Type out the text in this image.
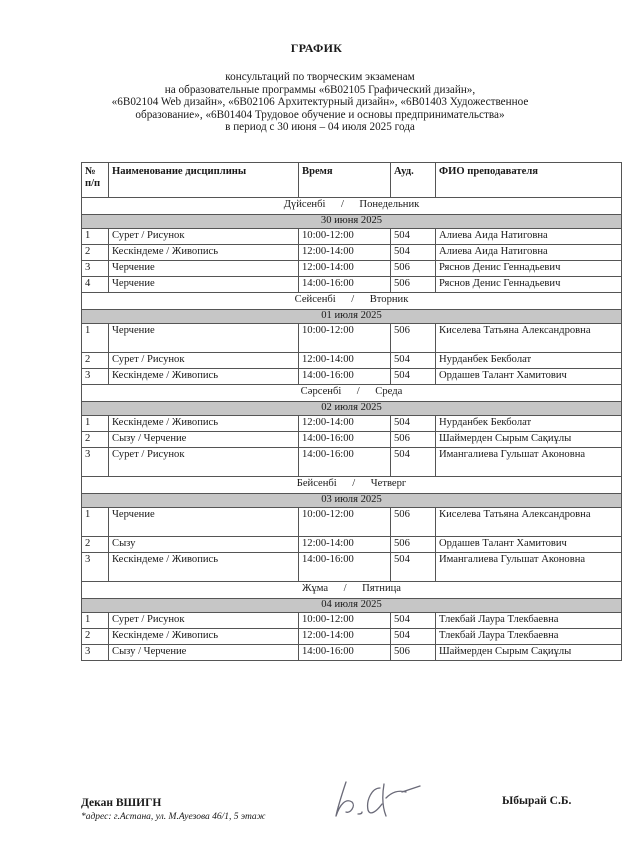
ГРАФИК
консультаций по творческим экзаменам
на образовательные программы «6B02105 Графический дизайн»,
«6B02104 Web дизайн», «6B02106 Архитектурный дизайн», «6B01403 Художественное
образование», «6B01404 Трудовое обучение и основы предпринимательства»
в период с 30 июня – 04 июля 2025 года
№ п/п	Наименование дисциплины	Время	Ауд.	ФИО преподавателя
Дүйсенбі / Понедельник				
30 июня 2025				
1	Сурет / Рисунок	10:00-12:00	504	Алиева Аида Натиговна
2	Кескіндеме / Живопись	12:00-14:00	504	Алиева Аида Натиговна
3	Черчение	12:00-14:00	506	Ряснов Денис Геннадьевич
4	Черчение	14:00-16:00	506	Ряснов Денис Геннадьевич
Сейсенбі / Вторник				
01 июля 2025				
1	Черчение	10:00-12:00	506	Киселева Татьяна Александровна
2	Сурет / Рисунок	12:00-14:00	504	Нурданбек Бекболат
3	Кескіндеме / Живопись	14:00-16:00	504	Ордашев Талант Хамитович
Сәрсенбі / Среда				
02 июля 2025				
1	Кескіндеме / Живопись	12:00-14:00	504	Нурданбек Бекболат
2	Сызу / Черчение	14:00-16:00	506	Шаймерден Сырым Сақиұлы
3	Сурет / Рисунок	14:00-16:00	504	Имангалиева Гульшат Аконовна
Бейсенбі / Четверг				
03 июля 2025				
1	Черчение	10:00-12:00	506	Киселева Татьяна Александровна
2	Сызу	12:00-14:00	506	Ордашев Талант Хамитович
3	Кескіндеме / Живопись	14:00-16:00	504	Имангалиева Гульшат Аконовна
Жұма / Пятница				
04 июля 2025				
1	Сурет / Рисунок	10:00-12:00	504	Тлекбай Лаура Тлекбаевна
2	Кескіндеме / Живопись	12:00-14:00	504	Тлекбай Лаура Тлекбаевна
3	Сызу / Черчение	14:00-16:00	506	Шаймерден Сырым Сақиұлы
Декан ВШИГН
*адрес: г.Астана, ул. М.Ауезова 46/1, 5 этаж
Ыбырай С.Б.
